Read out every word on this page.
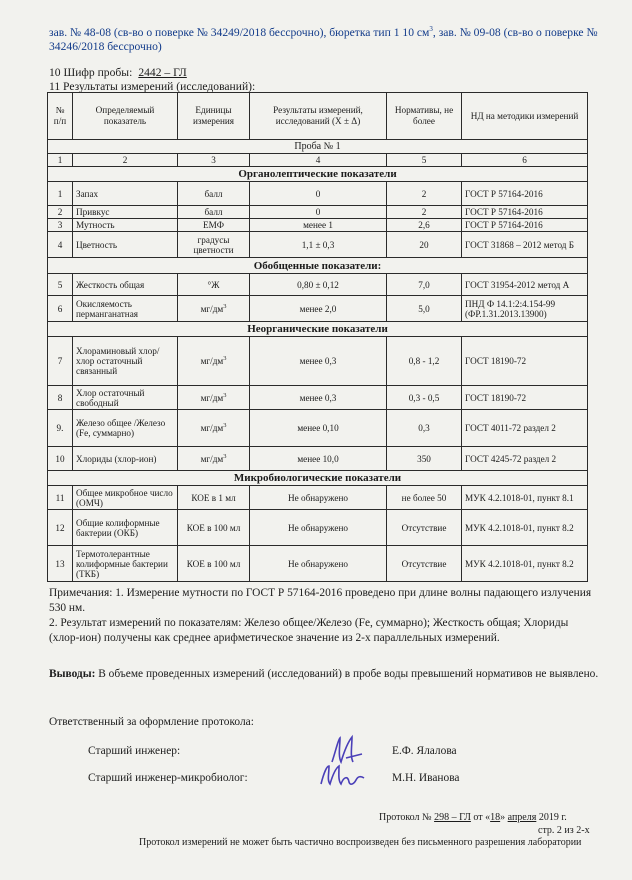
зав. № 48-08 (св-во о поверке № 34249/2018 бессрочно), бюретка тип 1 10 $см^3$, зав. № 09-08 (св-во о поверке № 34246/2018 бессрочно)
10 Шифр пробы: 2442 – ГЛ
11 Результаты измерений (исследований):
№ п/п	Определяемый показатель	Единицы измерения	Результаты измерений, исследований (X ± Δ)	Нормативы, не более	НД на методики измерений
Проба № 1					
1	2	3	4	5	6
Органолептические показатели					
1	Запах	балл	0	2	ГОСТ Р 57164-2016
2	Привкус	балл	0	2	ГОСТ Р 57164-2016
3	Мутность	ЕМФ	менее 1	2,6	ГОСТ Р 57164-2016
4	Цветность	градусы цветности	1,1 ± 0,3	20	ГОСТ 31868 – 2012 метод Б
Обобщенные показатели:					
5	Жесткость общая	°Ж	0,80 ± 0,12	7,0	ГОСТ 31954-2012 метод А
6	Окисляемость перманганатная	$мг/дм^3$	менее 2,0	5,0	ПНД Ф 14.1:2:4.154-99 (ФР.1.31.2013.13900)
Неорганические показатели					
7	Хлораминовый хлор/хлор остаточный связанный	$мг/дм^3$	менее 0,3	0,8 - 1,2	ГОСТ 18190-72
8	Хлор остаточный свободный	$мг/дм^3$	менее 0,3	0,3 - 0,5	ГОСТ 18190-72
9.	Железо общее /Железо (Fe, суммарно)	$мг/дм^3$	менее 0,10	0,3	ГОСТ 4011-72 раздел 2
10	Хлориды (хлор-ион)	$мг/дм^3$	менее 10,0	350	ГОСТ 4245-72 раздел 2
Микробиологические показатели					
11	Общее микробное число (ОМЧ)	КОЕ в 1 мл	Не обнаружено	не более 50	МУК 4.2.1018-01, пункт 8.1
12	Общие колиформные бактерии (ОКБ)	КОЕ в 100 мл	Не обнаружено	Отсутствие	МУК 4.2.1018-01, пункт 8.2
13	Термотолерантные колиформные бактерии (ТКБ)	КОЕ в 100 мл	Не обнаружено	Отсутствие	МУК 4.2.1018-01, пункт 8.2
Примечания: 1. Измерение мутности по ГОСТ Р 57164-2016 проведено при длине волны падающего излучения 530 нм.
2. Результат измерений по показателям: Железо общее/Железо (Fe, суммарно); Жесткость общая; Хлориды (хлор-ион) получены как среднее арифметическое значение из 2-х параллельных измерений.
Выводы: В объеме проведенных измерений (исследований) в пробе воды превышений нормативов не выявлено.
Ответственный за оформление протокола:
Старший инженер:	Е.Ф. Ялалова
Старший инженер-микробиолог:	М.Н. Иванова
Протокол № 298 – ГЛ от «18» апреля 2019 г.
стр. 2 из 2-х
Протокол измерений не может быть частично воспроизведен без письменного разрешения лаборатории
